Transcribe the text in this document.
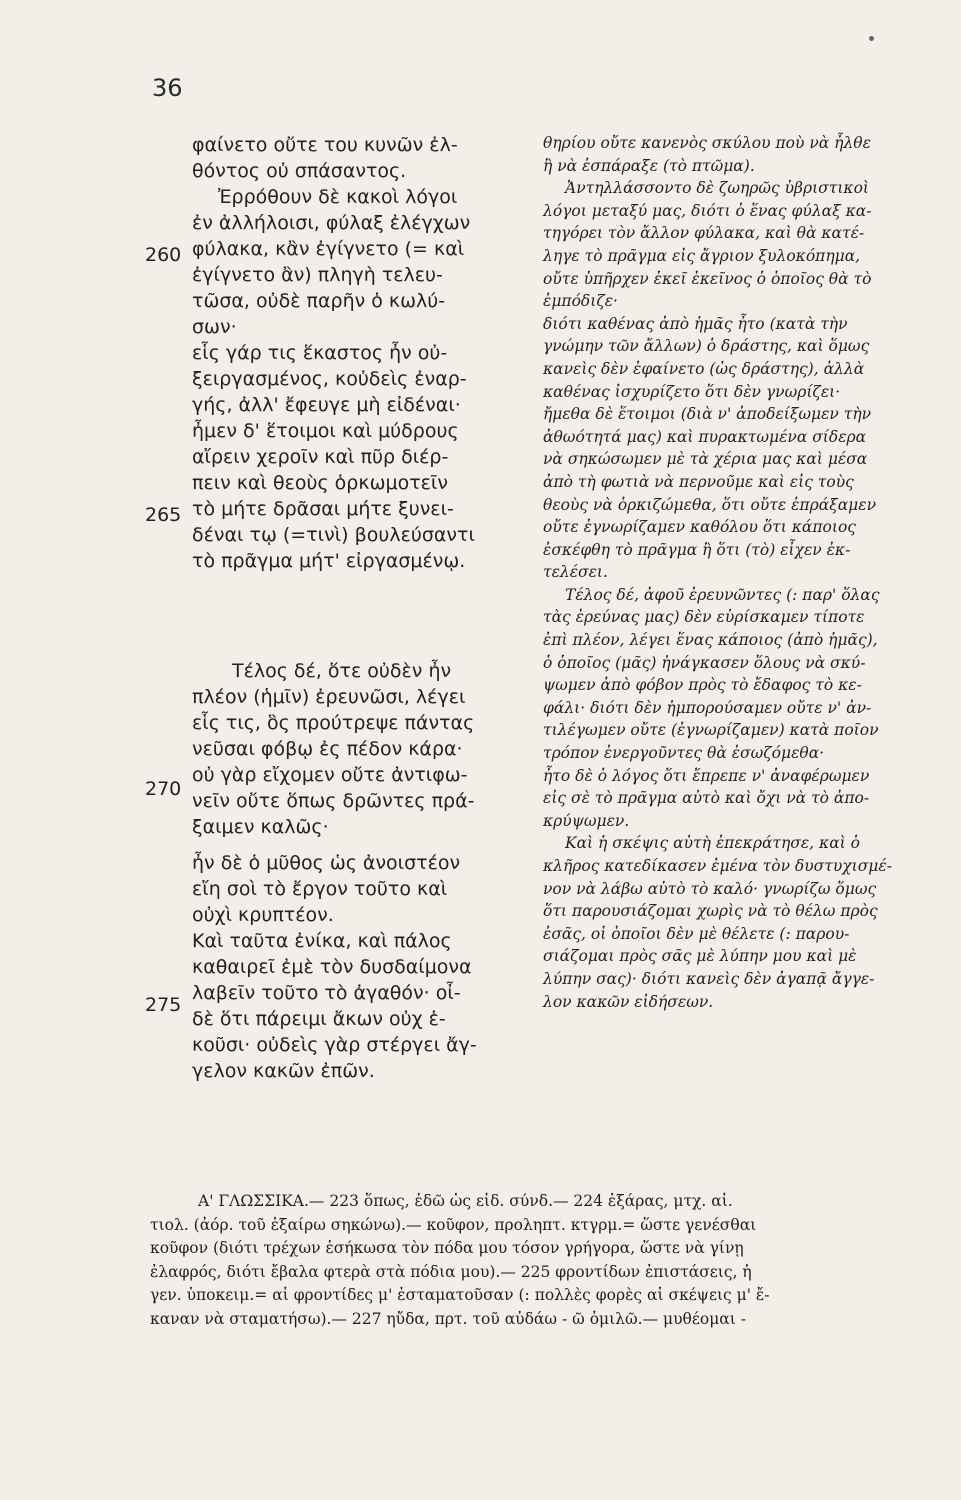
36
260
265
270
275
φαίνετο οὔτε του κυνῶν ἐλ-
θόντος οὐ σπάσαντος.
Ἐρρόθουν δὲ κακοὶ λόγοι
ἐν ἀλλήλοισι, φύλαξ ἐλέγχων
φύλακα, κἂν ἐγίγνετο (= καὶ
ἐγίγνετο ἂν) πληγὴ τελευ-
τῶσα, οὐδὲ παρῆν ὁ κωλύ-
σων·
εἷς γάρ τις ἕκαστος ἦν οὐ-
ξειργασμένος, κοὐδεὶς ἐναρ-
γής, ἀλλ' ἔφευγε μὴ εἰδέναι·
ἦμεν δ' ἕτοιμοι καὶ μύδρους
αἴρειν χεροῖν καὶ πῦρ διέρ-
πειν καὶ θεοὺς ὁρκωμοτεῖν
τὸ μήτε δρᾶσαι μήτε ξυνει-
δέναι τῳ (=τινὶ) βουλεύσαντι
τὸ πρᾶγμα μήτ' εἰργασμένῳ.
Τέλος δέ, ὅτε οὐδὲν ἦν
πλέον (ἡμῖν) ἐρευνῶσι, λέγει
εἷς τις, ὃς προύτρεψε πάντας
νεῦσαι φόβῳ ἐς πέδον κάρα·
οὐ γὰρ εἴχομεν οὔτε ἀντιφω-
νεῖν οὔτε ὅπως δρῶντες πρά-
ξαιμεν καλῶς·
ἦν δὲ ὁ μῦθος ὡς ἀνοιστέον
εἴη σοὶ τὸ ἔργον τοῦτο καὶ
οὐχὶ κρυπτέον.
Καὶ ταῦτα ἐνίκα, καὶ πάλος
καθαιρεῖ ἐμὲ τὸν δυσδαίμονα
λαβεῖν τοῦτο τὸ ἀγαθόν· οἶ-
δὲ ὅτι πάρειμι ἄκων οὐχ ἑ-
κοῦσι· οὐδεὶς γὰρ στέργει ἄγ-
γελον κακῶν ἐπῶν.
θηρίου οὔτε κανενὸς σκύλου ποὺ νὰ ἦλθε
ἢ νὰ ἐσπάραξε (τὸ πτῶμα).
Ἀντηλλάσσοντο δὲ ζωηρῶς ὑβριστικοὶ
λόγοι μεταξύ μας, διότι ὁ ἕνας φύλαξ κα-
τηγόρει τὸν ἄλλον φύλακα, καὶ θὰ κατέ-
ληγε τὸ πρᾶγμα εἰς ἄγριον ξυλοκόπημα,
οὔτε ὑπῆρχεν ἐκεῖ ἐκεῖνος ὁ ὁποῖος θὰ τὸ
ἐμπόδιζε·
διότι καθένας ἀπὸ ἡμᾶς ἦτο (κατὰ τὴν
γνώμην τῶν ἄλλων) ὁ δράστης, καὶ ὅμως
κανεὶς δὲν ἐφαίνετο (ὡς δράστης), ἀλλὰ
καθένας ἰσχυρίζετο ὅτι δὲν γνωρίζει·
ἤμεθα δὲ ἕτοιμοι (διὰ ν' ἀποδείξωμεν τὴν
ἀθωότητά μας) καὶ πυρακτωμένα σίδερα
νὰ σηκώσωμεν μὲ τὰ χέρια μας καὶ μέσα
ἀπὸ τὴ φωτιὰ νὰ περνοῦμε καὶ εἰς τοὺς
θεοὺς νὰ ὁρκιζώμεθα, ὅτι οὔτε ἐπράξαμεν
οὔτε ἐγνωρίζαμεν καθόλου ὅτι κάποιος
ἐσκέφθη τὸ πρᾶγμα ἢ ὅτι (τὸ) εἶχεν ἐκ-
τελέσει.
Τέλος δέ, ἀφοῦ ἐρευνῶντες (: παρ' ὅλας
τὰς ἐρεύνας μας) δὲν εὑρίσκαμεν τίποτε
ἐπὶ πλέον, λέγει ἕνας κάποιος (ἀπὸ ἡμᾶς),
ὁ ὁποῖος (μᾶς) ἠνάγκασεν ὅλους νὰ σκύ-
ψωμεν ἀπὸ φόβον πρὸς τὸ ἔδαφος τὸ κε-
φάλι· διότι δὲν ἠμπορούσαμεν οὔτε ν' ἀν-
τιλέγωμεν οὔτε (ἐγνωρίζαμεν) κατὰ ποῖον
τρόπον ἐνεργοῦντες θὰ ἐσωζόμεθα·
ἦτο δὲ ὁ λόγος ὅτι ἔπρεπε ν' ἀναφέρωμεν
εἰς σὲ τὸ πρᾶγμα αὐτὸ καὶ ὄχι νὰ τὸ ἀπο-
κρύψωμεν.
Καὶ ἡ σκέψις αὐτὴ ἐπεκράτησε, καὶ ὁ
κλῆρος κατεδίκασεν ἐμένα τὸν δυστυχισμέ-
νον νὰ λάβω αὐτὸ τὸ καλό· γνωρίζω ὅμως
ὅτι παρουσιάζομαι χωρὶς νὰ τὸ θέλω πρὸς
ἐσᾶς, οἱ ὁποῖοι δὲν μὲ θέλετε (: παρου-
σιάζομαι πρὸς σᾶς μὲ λύπην μου καὶ μὲ
λύπην σας)· διότι κανεὶς δὲν ἀγαπᾷ ἄγγε-
λον κακῶν εἰδήσεων.
Α' ΓΛΩΣΣΙΚΑ.— 223 ὅπως, ἐδῶ ὡς εἰδ. σύνδ.— 224 ἐξάρας, μτχ. αἰ.
τιολ. (ἀόρ. τοῦ ἐξαίρω σηκώνω).— κοῦφον, προληπτ. κτγρμ.= ὥστε γενέσθαι
κοῦφον (διότι τρέχων ἐσήκωσα τὸν πόδα μου τόσον γρήγορα, ὥστε νὰ γίνῃ
ἐλαφρός, διότι ἔβαλα φτερὰ στὰ πόδια μου).— 225 φροντίδων ἐπιστάσεις, ἡ
γεν. ὑποκειμ.= αἱ φροντίδες μ' ἐσταματοῦσαν (: πολλὲς φορὲς αἱ σκέψεις μ' ἔ-
καναν νὰ σταματήσω).— 227 ηὔδα, πρτ. τοῦ αὐδάω - ῶ ὁμιλῶ.— μυθέομαι -
